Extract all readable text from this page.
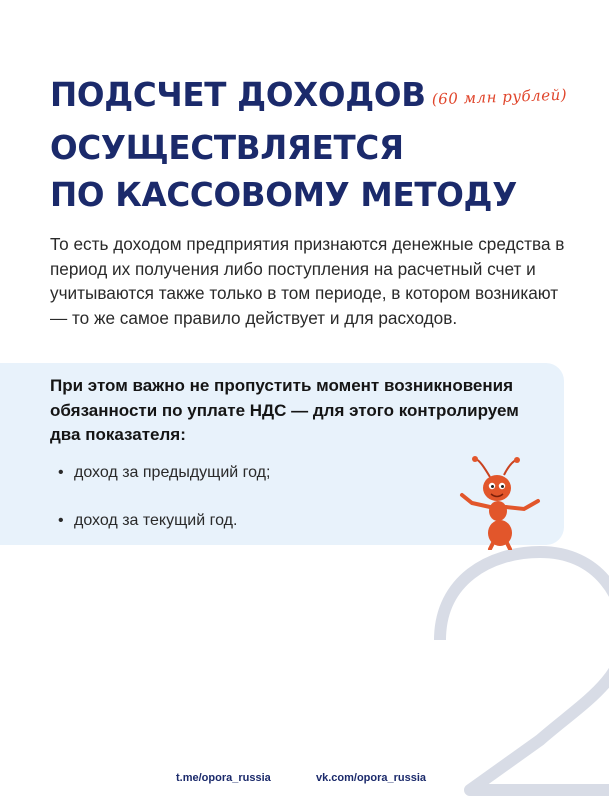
ПОДСЧЕТ ДОХОДОВ (60 млн рублей)
ОСУЩЕСТВЛЯЕТСЯ
ПО КАССОВОМУ МЕТОДУ

То есть доходом предприятия признаются денежные средства в период их получения либо поступления на расчетный счет и учитываются также только в том периоде, в котором возникают — то же самое правило действует и для расходов.

При этом важно не пропустить момент возникновения обязанности по уплате НДС — для этого контролируем два показателя:

• доход за предыдущий год;
• доход за текущий год.
t.me/opora_russia	vk.com/opora_russia
